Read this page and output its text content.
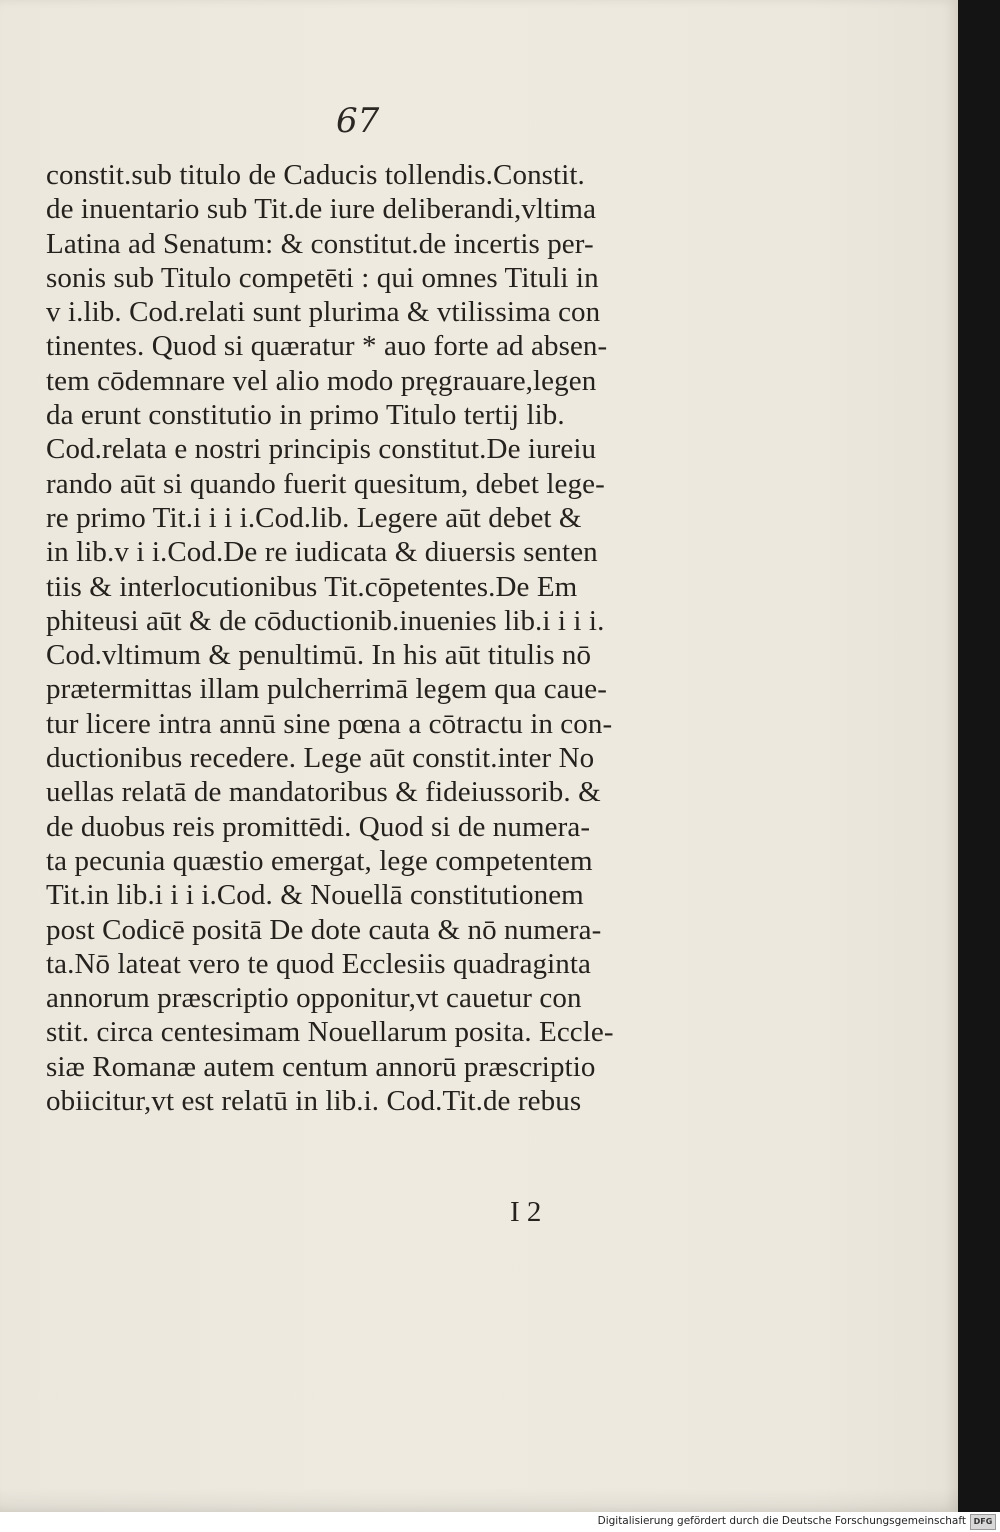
67

constit.sub titulo de Caducis tollendis.Constit.
de inuentario sub Tit.de iure deliberandi,vltima
Latina ad Senatum: & constitut.de incertis per-
sonis sub Titulo competēti : qui omnes Tituli in
v i.lib. Cod.relati sunt plurima & vtilissima con
tinentes. Quod si quæratur * auo forte ad absen-
tem cōdemnare vel alio modo pręgrauare,legen
da erunt constitutio in primo Titulo tertij lib.
Cod.relata e nostri principis constitut.De iureiu
rando aūt si quando fuerit quesitum, debet lege-
re primo Tit.i i i i.Cod.lib. Legere aūt debet &
in lib.v i i.Cod.De re iudicata & diuersis senten
tiis & interlocutionibus Tit.cōpetentes.De Em
phiteusi aūt & de cōductionib.inuenies lib.i i i i.
Cod.vltimum & penultimū. In his aūt titulis nō
prætermittas illam pulcherrimā legem qua caue-
tur licere intra annū sine pœna a cōtractu in con-
ductionibus recedere. Lege aūt constit.inter No
uellas relatā de mandatoribus & fideiussorib. &
de duobus reis promittēdi. Quod si de numera-
ta pecunia quæstio emergat, lege competentem
Tit.in lib.i i i i.Cod. & Nouellā constitutionem
post Codicē positā De dote cauta & nō numera-
ta.Nō lateat vero te quod Ecclesiis quadraginta
annorum præscriptio opponitur,vt cauetur con
stit. circa centesimam Nouellarum posita. Eccle-
siæ Romanæ autem centum annorū præscriptio
obiicitur,vt est relatū in lib.i. Cod.Tit.de rebus

I 2

Digitalisierung gefördert durch die Deutsche Forschungsgemeinschaft DFG
